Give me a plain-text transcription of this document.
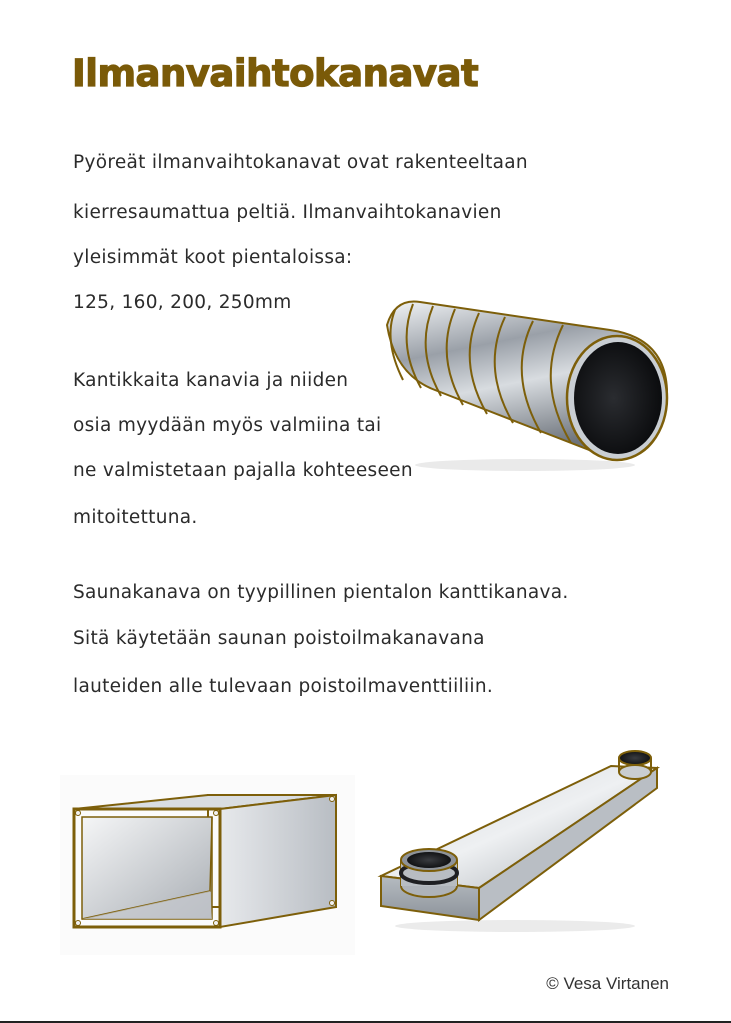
Ilmanvaihtokanavat
Pyöreät ilmanvaihtokanavat ovat rakenteeltaan
kierresaumattua peltiä. Ilmanvaihtokanavien
yleisimmät koot pientaloissa:
125, 160, 200, 250mm
Kantikkaita kanavia ja niiden
osia myydään myös valmiina tai
ne valmistetaan pajalla kohteeseen
mitoitettuna.
Saunakanava on tyypillinen pientalon kanttikanava.
Sitä käytetään saunan poistoilmakanavana
lauteiden alle tulevaan poistoilmaventtiiliin.
© Vesa Virtanen
